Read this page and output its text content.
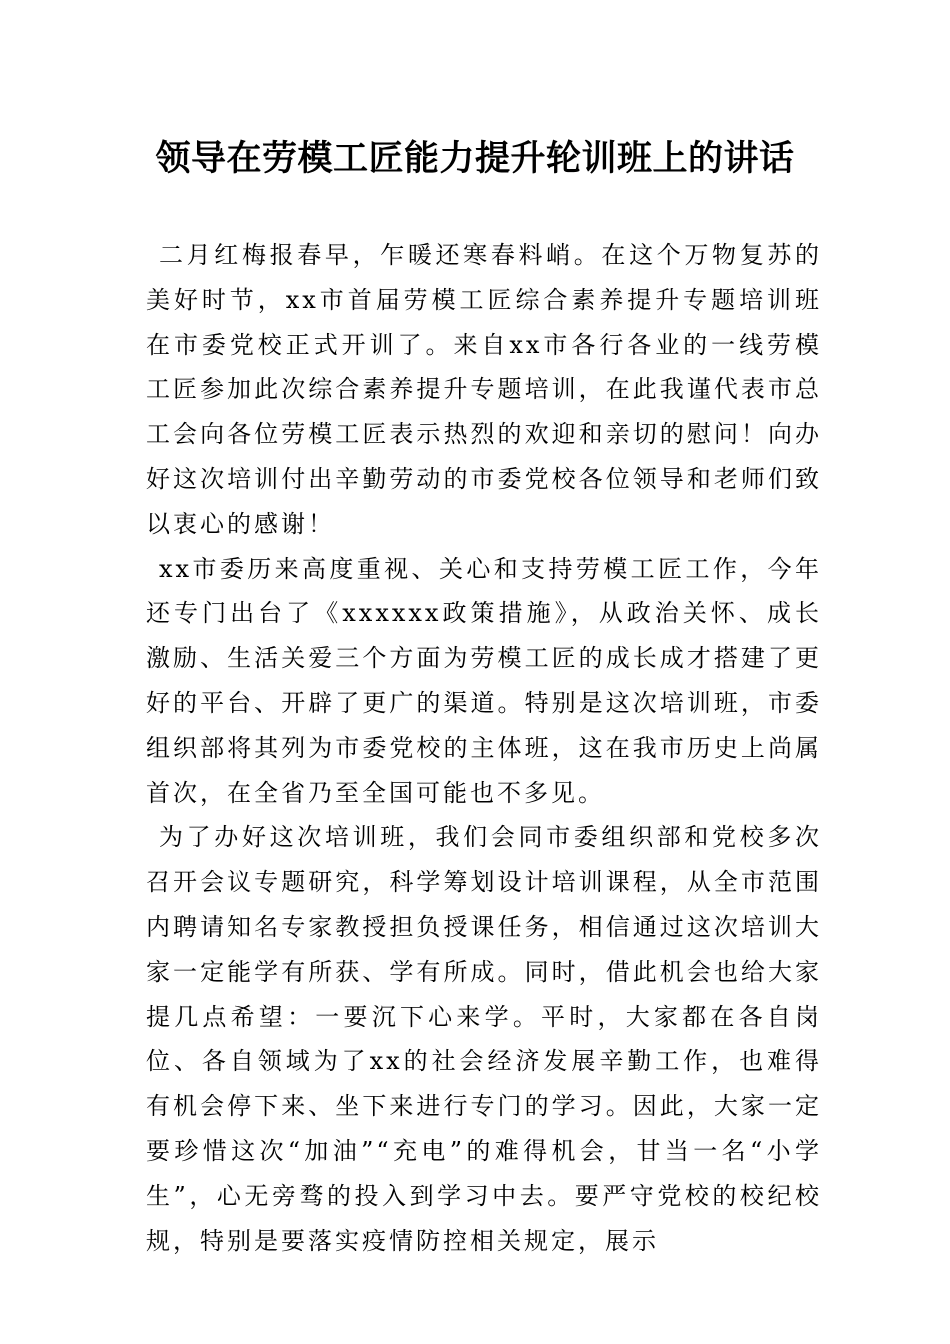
领导在劳模工匠能力提升轮训班上的讲话

二月红梅报春早，乍暖还寒春料峭。在这个万物复苏的美好时节，xx市首届劳模工匠综合素养提升专题培训班在市委党校正式开训了。来自xx市各行各业的一线劳模工匠参加此次综合素养提升专题培训，在此我谨代表市总工会向各位劳模工匠表示热烈的欢迎和亲切的慰问！向办好这次培训付出辛勤劳动的市委党校各位领导和老师们致以衷心的感谢！

xx市委历来高度重视、关心和支持劳模工匠工作，今年还专门出台了《xxxxxx政策措施》，从政治关怀、成长激励、生活关爱三个方面为劳模工匠的成长成才搭建了更好的平台、开辟了更广的渠道。特别是这次培训班，市委组织部将其列为市委党校的主体班，这在我市历史上尚属首次，在全省乃至全国可能也不多见。

为了办好这次培训班，我们会同市委组织部和党校多次召开会议专题研究，科学筹划设计培训课程，从全市范围内聘请知名专家教授担负授课任务，相信通过这次培训大家一定能学有所获、学有所成。同时，借此机会也给大家提几点希望：一要沉下心来学。平时，大家都在各自岗位、各自领域为了xx的社会经济发展辛勤工作，也难得有机会停下来、坐下来进行专门的学习。因此，大家一定要珍惜这次“加油”“充电”的难得机会，甘当一名“小学生”，心无旁骛的投入到学习中去。要严守党校的校纪校规，特别是要落实疫情防控相关规定，展示
